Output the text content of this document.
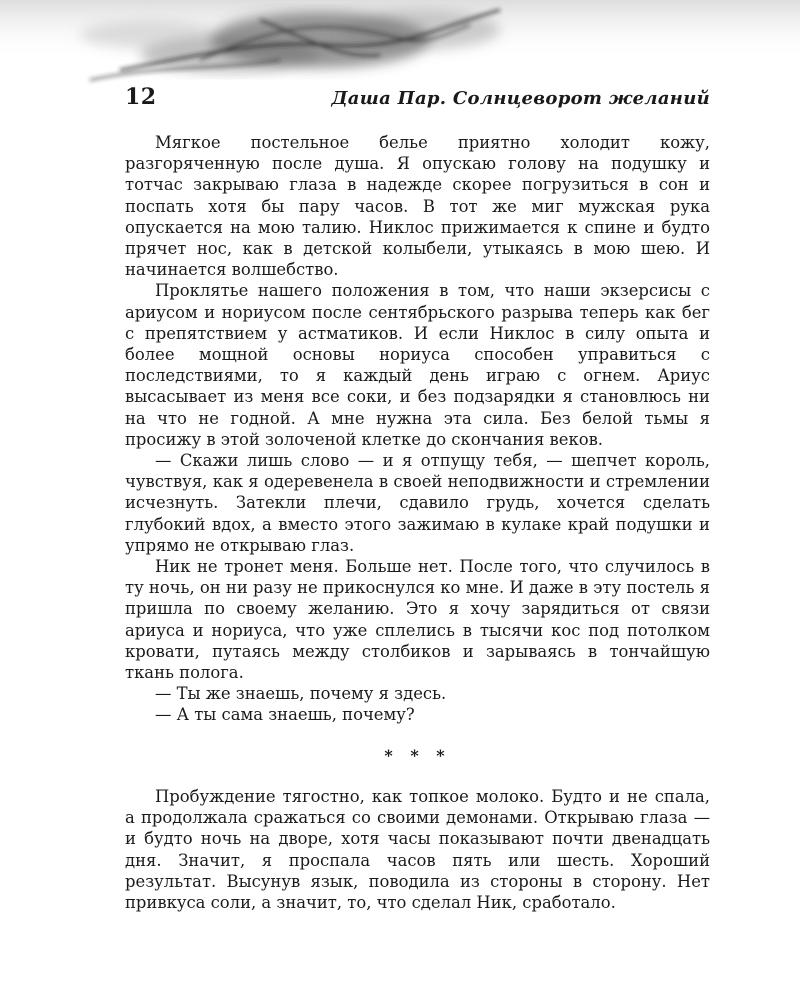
12	Даша Пар. Солнцеворот желаний

Мягкое постельное белье приятно холодит кожу, разгоряченную после душа. Я опускаю голову на подушку и тотчас закрываю глаза в надежде скорее погрузиться в сон и поспать хотя бы пару часов. В тот же миг мужская рука опускается на мою талию. Никлос прижимается к спине и будто прячет нос, как в детской колыбели, утыкаясь в мою шею. И начинается волшебство.

Проклятье нашего положения в том, что наши экзерсисы с ариусом и нориусом после сентябрьского разрыва теперь как бег с препятствием у астматиков. И если Никлос в силу опыта и более мощной основы нориуса способен управиться с последствиями, то я каждый день играю с огнем. Ариус высасывает из меня все соки, и без подзарядки я становлюсь ни на что не годной. А мне нужна эта сила. Без белой тьмы я просижу в этой золоченой клетке до скончания веков.

— Скажи лишь слово — и я отпущу тебя, — шепчет король, чувствуя, как я одеревенела в своей неподвижности и стремлении исчезнуть. Затекли плечи, сдавило грудь, хочется сделать глубокий вдох, а вместо этого зажимаю в кулаке край подушки и упрямо не открываю глаз.

Ник не тронет меня. Больше нет. После того, что случилось в ту ночь, он ни разу не прикоснулся ко мне. И даже в эту постель я пришла по своему желанию. Это я хочу зарядиться от связи ариуса и нориуса, что уже сплелись в тысячи кос под потолком кровати, путаясь между столбиков и зарываясь в тончайшую ткань полога.

— Ты же знаешь, почему я здесь.

— А ты сама знаешь, почему?

* * *

Пробуждение тягостно, как топкое молоко. Будто и не спала, а продолжала сражаться со своими демонами. Открываю глаза — и будто ночь на дворе, хотя часы показывают почти двенадцать дня. Значит, я проспала часов пять или шесть. Хороший результат. Высунув язык, поводила из стороны в сторону. Нет привкуса соли, а значит, то, что сделал Ник, сработало.
